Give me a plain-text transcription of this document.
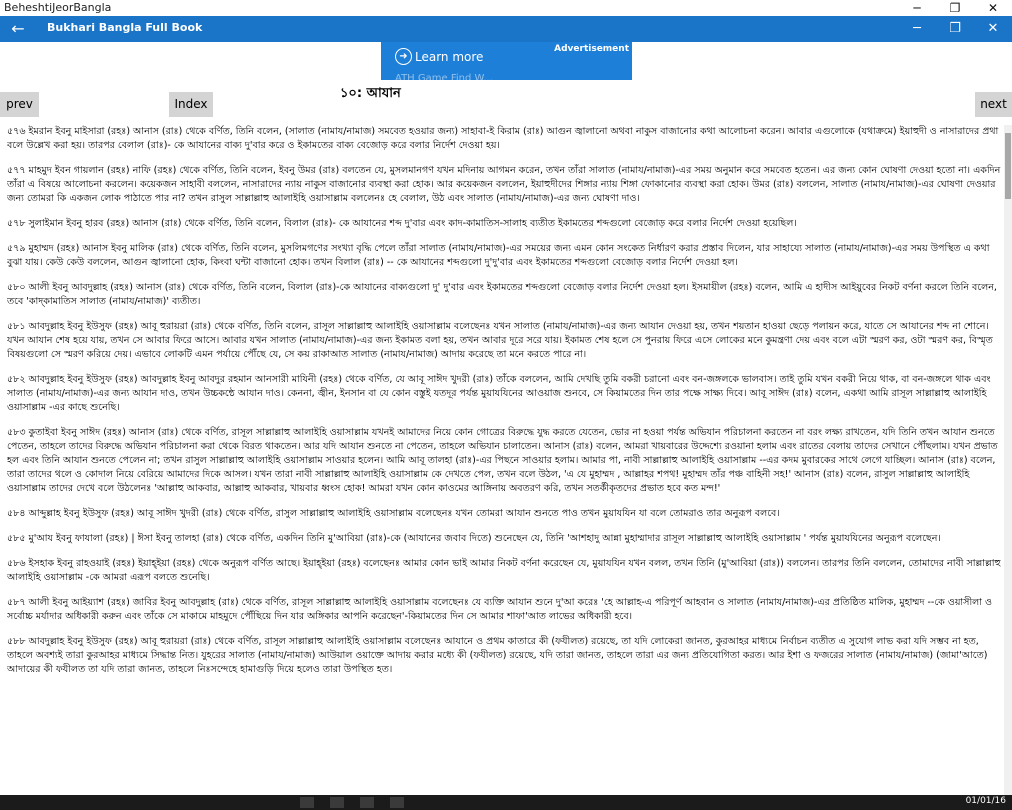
BeheshtiJeorBangla	─	❐	✕
←	Bukhari Bangla Full Book	─	❐	✕
➜ Learn more
Advertisement
ATH Game Find W...
১০: আযান
prev	Index	next

৫৭৬ ইমরান ইবনু মাইসারা (রহঃ) আনাস (রাঃ) থেকে বর্ণিত, তিনি বলেন, (সালাত (নামায/নামাজ) সমবেত হওয়ার জন্য) সাহাবা-ই কিরাম (রাঃ) আগুন জ্বালানো অথবা নাকুস বাজানোর কথা আলোচনা করেন। আবার এগুলোকে (যথাক্রমে) ইয়াহুদী ও নাসারাদের প্রথা বলে উল্লেখ করা হয়। তারপর বেলাল (রাঃ)- কে আযানের বাক্য দু'বার করে ও ইকামতের বাক্য বেজোড় করে বলার নির্দেশ দেওয়া হয়।

৫৭৭ মাহমুদ ইবন গায়লান (রহঃ) নাফি (রহঃ) থেকে বর্ণিত, তিনি বলেন, ইবনু উমর (রাঃ) বলতেন যে, মুসলমানগণ যখন মদিনায় আগমন করেন, তখন তাঁরা সালাত (নামায/নামাজ)-এর সময় অনুমান করে সমবেত হতেন। এর জন্য কোন ঘোষণা দেওয়া হতো না। একদিন তাঁরা এ বিষয়ে আলোচনা করলেন। কয়েকজন সাহাবী বললেন, নাসারাদের ন্যায় নাকুস বাজানোর ব্যবস্থা করা হোক। আর কয়েকজন বললেন, ইয়াহুদীদের শিঙ্গার ন্যায় শিঙ্গা ফোকানোর ব্যবস্থা করা হোক। উমর (রাঃ) বললেন, সালাত (নামায/নামাজ)-এর ঘোষণা দেওয়ার জন্য তোমরা কি একজন লোক পাঠাতে পার না? তখন রাসুল সাল্লাল্লাহু আলাইহি ওয়াসাল্লাম বললেনঃ হে বেলাল, উঠ এবং সালাত (নামায/নামাজ)-এর জন্য ঘোষণা দাও।

৫৭৮ সুলাইমান ইবনু হারব (রহঃ) আনাস (রাঃ) থেকে বর্ণিত, তিনি বলেন, বিলাল (রাঃ)- কে আযানের শব্দ দু'বার এবং কাদ-কামাতিস-সালাহ ব্যতীত ইকামতের শব্দগুলো বেজোড় করে বলার নির্দেশ দেওয়া হয়েছিল।

৫৭৯ মুহাম্মদ (রহঃ) আনাস ইবনু মালিক (রাঃ) থেকে বর্ণিত, তিনি বলেন, মুসলিমগণের সংখ্যা বৃদ্ধি পেলে তাঁরা সালাত (নামায/নামাজ)-এর সময়ের জন্য এমন কোন সংকেত নির্ধারণ করার প্রস্তাব দিলেন, যার সাহায্যে সালাত (নামায/নামাজ)-এর সময় উপস্থিত এ কথা বুঝা যায়। কেউ কেউ বললেন, আগুন জ্বালানো হোক, কিংবা ঘন্টা বাজানো হোক। তখন বিলাল (রাঃ) -- কে আযানের শব্দগুলো দু'দু'বার এবং ইকামতের শব্দগুলো বেজোড় বলার নির্দেশ দেওয়া হল।

৫৮০ আলী ইবনু আবদুল্লাহ (রহঃ) আনাস (রাঃ) থেকে বর্ণিত, তিনি বলেন, বিলাল (রাঃ)-কে আযানের বাক্যগুলো দু' দু'বার এবং ইকামতের শব্দগুলো বেজোড় বলার নির্দেশ দেওয়া হল। ইসমায়ীল (রহঃ) বলেন, আমি এ হাদীস আইয়ুবের নিকট বর্ণনা করলে তিনি বলেন, তবে 'কাদ্‌কামাতিস সালাত (নামায/নামাজ)' ব্যতীত।

৫৮১ আবদুল্লাহ ইবনু ইউসুফ (রহঃ) আবূ হুরায়রা (রাঃ) থেকে বর্ণিত, তিনি বলেন, রাসূল সাল্লাল্লাহু আলাইহি ওয়াসাল্লাম বলেছেনঃ যখন সালাত (নামায/নামাজ)-এর জন্য আযান দেওয়া হয়, তখন শয়তান হাওয়া ছেড়ে পলায়ন করে, যাতে সে আযানের শব্দ না শোনে। যখন আযান শেষ হয়ে যায়, তখন সে আবার ফিরে আসে। আবার যখন সালাত (নামায/নামাজ)-এর জন্য ইকামত বলা হয়, তখন আবার দূরে সরে যায়। ইকামত শেষ হলে সে পুনরায় ফিরে এসে লোকের মনে কুমন্ত্রণা দেয় এবং বলে এটা স্মরণ কর, ওটা স্মরণ কর, বিস্মৃত বিষয়গুলো সে স্মরণ করিয়ে দেয়। এভাবে লোকটি এমন পর্যায়ে পৌঁছে যে, সে কয় রাকাআত সালাত (নামায/নামাজ) আদায় করেছে তা মনে করতে পারে না।

৫৮২ আবদুল্লাহ ইবনু ইউসুফ (রহঃ) আবদুল্লাহ ইবনু আবদুর রহমান আনসারী মাযিনী (রহঃ) থেকে বর্ণিত, যে আবূ সাঈদ খুদরী (রাঃ) তাঁকে বললেন, আমি দেখছি তুমি বকরী চরানো এবং বন-জঙ্গলকে ভালবাস। তাই তুমি যখন বকরী নিয়ে থাক, বা বন-জঙ্গলে থাক এবং সালাত (নামায/নামাজ)-এর জন্য আযান দাও, তখন উচ্চকন্ঠে আযান দাও। কেননা, জ্বীন, ইনসান বা যে কোন বস্তুই যতদূর পর্যন্ত মুয়াযযিনের আওয়াজ শুনবে, সে কিয়ামতের দিন তার পক্ষে সাক্ষ্য দিবে। আবূ সাঈদ (রাঃ) বলেন, একথা আমি রাসূল সাল্লাল্লাহু আলাইহি ওয়াসাল্লাম -এর কাছে শুনেছি।

৫৮৩ কুতাইবা ইবনু সাঈদ (রহঃ) আনাস (রাঃ) থেকে বর্ণিত, রাসূল সাল্লাল্লাহু আলাইহি ওয়াসাল্লাম যখনই আমাদের নিয়ে কোন গোত্রের বিরুদ্ধে যুদ্ধ করতে যেতেন, ভোর না হওয়া পর্যন্ত অভিযান পরিচালনা করতেন না বরং লক্ষ্য রাখতেন, যদি তিনি তখন আযান শুনতে পেতেন, তাহলে তাদের বিরুদ্ধে অভিযান পরিচালনা করা থেকে বিরত থাকতেন। আর যদি আযান শুনতে না পেতেন, তাহলে অভিযান চালাতেন। আনাস (রাঃ) বলেন, আমরা খায়বারের উদ্দেশ্যে রওয়ানা হলাম এবং রাতের বেলায় তাদের সেখানে পৌঁছলাম। যখন প্রভাত হল এবং তিনি আযান শুনতে পেলেন না; তখন রাসুল সাল্লাল্লাহু আলাইহি ওয়াসাল্লাম সাওয়ার হলেন। আমি আবূ তালহা (রাঃ)-এর পিছনে সাওয়ার হলাম। আমার পা, নাবী সাল্লাল্লাহু আলাইহি ওয়াসাল্লাম --এর কদম মুবারকের সাথে লেগে যাচ্ছিল। আনাস (রাঃ) বলেন, তারা তাদের থলে ও কোদাল নিয়ে বেরিয়ে আমাদের দিকে আসল। যখন তারা নাবী সাল্লাল্লাহু আলাইহি ওয়াসাল্লাম কে দেখতে পেল, তখন বলে উঠল, 'এ যে মুহাম্মদ , আল্লাহর শপথ! মুহাম্মদ তাঁর পঞ্চ বাহিনী সহ!' আনাস (রাঃ) বলেন, রাসুল সাল্লাল্লাহু আলাইহি ওয়াসাল্লাম তাদের দেখে বলে উঠলেনঃ 'আল্লাহু আকবার, আল্লাহু আকবার, খায়বার ধ্বংস হোক! আমরা যখন কোন কাওমের আঙ্গিনায় অবতরণ করি, তখন সতর্কীকৃতদের প্রভাত হবে কত মন্দ!'

৫৮৪ আব্দুল্লাহ ইবনু ইউসুফ (রহঃ) আবূ সাঈদ খুদরী (রাঃ) থেকে বর্ণিত, রাসুল সাল্লাল্লাহু আলাইহি ওয়াসাল্লাম বলেছেনঃ যখন তোমরা আযান শুনতে পাও তখন মুয়াযযিন যা বলে তোমরাও তার অনুরূপ বলবে।

৫৮৫ মু'আয ইবনু ফাযালা (রহঃ) | ঈসা ইবনু তালহা (রাঃ) থেকে বর্ণিত, একদিন তিনি মু'আবিয়া (রাঃ)-কে (আযানের জবাব দিতে) শুনেছেন যে, তিনি 'আশহাদু আন্না মুহাম্মাদার রাসূল সাল্লাল্লাহু আলাইহি ওয়াসাল্লাম ' পর্যন্ত মুয়াযযিনের অনুরূপ বলেছেন।

৫৮৬ ইসহাক ইবনু রাহওয়াই (রহঃ) ইয়াহ্‌ইয়া (রহঃ) থেকে অনুরূপ বর্ণিত আছে। ইয়াহ্‌ইয়া (রহঃ) বলেছেনঃ আমার কোন ভাই আমার নিকট বর্ণনা করেছেন যে, মুয়াযযিন যখন বলল, তখন তিনি (মু'আবিয়া (রাঃ)) বললেন। তারপর তিনি বললেন, তোমাদের নাবী সাল্লাল্লাহু আলাইহি ওয়াসাল্লাম -কে আমরা এরূপ বলতে শুনেছি।

৫৮৭ আলী ইবনু আইয়্যাশ (রহঃ) জাবির ইবনু আবদুল্লাহ (রাঃ) থেকে বর্ণিত, রাসূল সাল্লাল্লাহু আলাইহি ওয়াসাল্লাম বলেছেনঃ যে ব্যক্তি আযান শুনে দু'আ করেঃ 'হে আল্লাহ-এ পরিপূর্ণ আহবান ও সালাত (নামায/নামাজ)-এর প্রতিষ্ঠিত মালিক, মুহাম্মদ --কে ওয়াসীলা ও সর্বোচ্চ মর্যাদার অধিকারী করুন এবং তাঁকে সে মাকামে মাহমুদে পৌঁছিয়ে দিন যার অঙ্গিকার আপনি করেছেন'-কিয়ামতের দিন সে আমার শাফা'আত লাভের অধিকারী হবে।

৫৮৮ আবদুল্লাহ ইবনু ইউসুফ (রহঃ) আবূ হুরায়রা (রাঃ) থেকে বর্ণিত, রাসূল সাল্লাল্লাহু আলাইহি ওয়াসাল্লাম বলেছেনঃ আযানে ও প্রথম কাতারে কী (ফযীলত) রয়েছে, তা যদি লোকেরা জানত, কুরআহর মাধ্যমে নির্বাচন ব্যতীত এ সুযোগ লাভ করা যদি সম্ভব না হত, তাহলে অবশ্যই তারা কুরআহর মাধ্যমে সিদ্ধান্ত নিত। যুহরের সালাত (নামায/নামাজ) আউয়াল ওয়াক্তে আদায় করার মধ্যে কী (ফযীলত) রয়েছে, যদি তারা জানত, তাহলে তারা এর জন্য প্রতিযোগিতা করত। আর ইশা ও ফজরের সালাত (নামায/নামাজ) (জামা'আতে) আদায়ের কী ফযীলত তা যদি তারা জানত, তাহলে নিঃসন্দেহে হামাগুড়ি দিয়ে হলেও তারা উপস্থিত হত।

01/01/16
